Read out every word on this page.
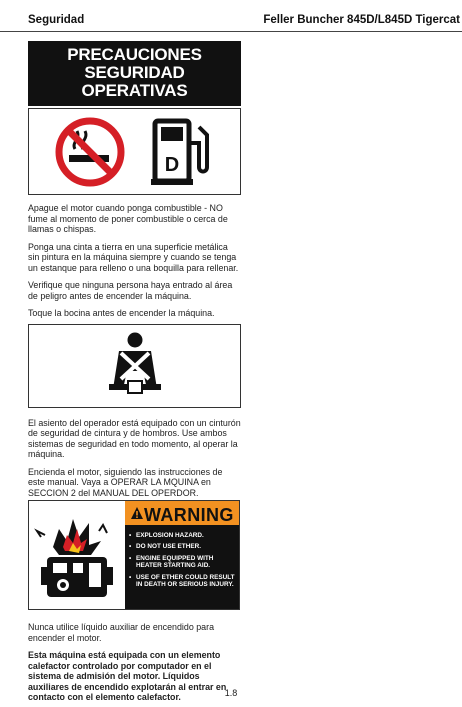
Seguridad	Feller Buncher 845D/L845D Tigercat
PRECAUCIONES
SEGURIDAD OPERATIVAS
D

Apague el motor cuando ponga combustible - NO fume al momento de poner combustible o cerca de llamas o chispas.

Ponga una cinta a tierra en una superficie metálica sin pintura en la máquina siempre y cuando se tenga un estanque para relleno o una boquilla para rellenar.

Verifique que ninguna persona haya entrado al área de peligro antes de encender la máquina.

Toque la bocina antes de encender la máquina.

El asiento del operador está equipado con un cinturón de seguridad de cintura y de hombros. Use ambos sistemas de seguridad en todo momento, al operar la máquina.

Encienda el motor, siguiendo las instrucciones de este manual. Vaya a OPERAR LA MQUINA en SECCION 2 del MANUAL DEL OPERDOR.

WARNING
• EXPLOSION HAZARD.
• DO NOT USE ETHER.
• ENGINE EQUIPPED WITH HEATER STARTING AID.
• USE OF ETHER COULD RESULT IN DEATH OR SERIOUS INJURY.

Nunca utilice líquido auxiliar de encendido para encender el motor.

Esta máquina está equipada con un elemento calefactor controlado por computador en el sistema de admisión del motor. Líquidos auxiliares de encendido explotarán al entrar en contacto con el elemento calefactor.	1.8
